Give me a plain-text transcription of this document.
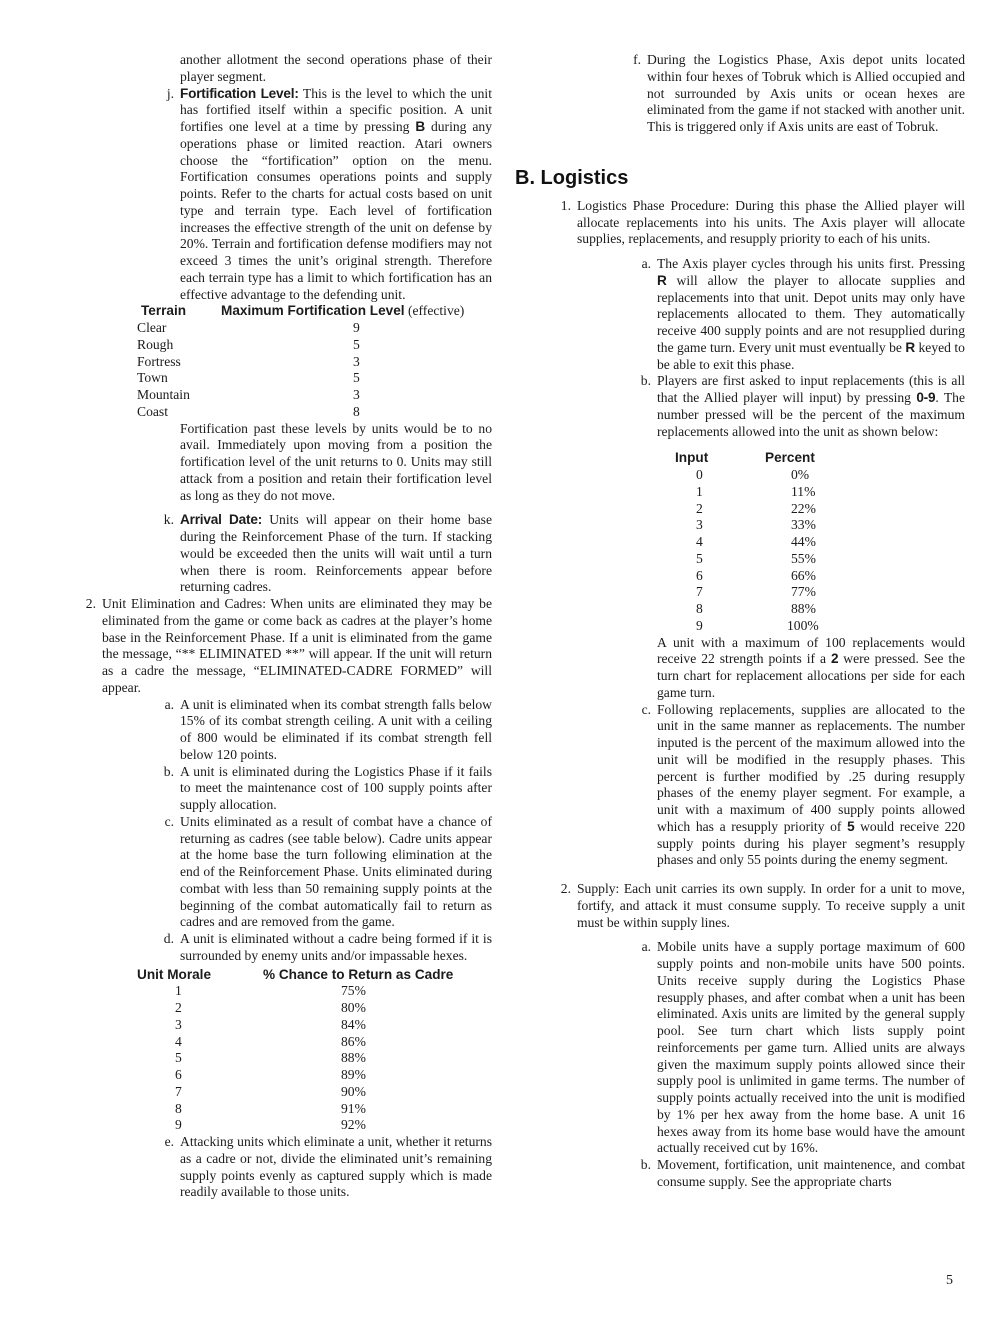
another allotment the second operations phase of their player segment.

j. Fortification Level: This is the level to which the unit has fortified itself within a specific position. A unit fortifies one level at a time by pressing B during any operations phase or limited reaction. Atari owners choose the “fortification” option on the menu. Fortification consumes operations points and supply points. Refer to the charts for actual costs based on unit type and terrain type. Each level of fortification increases the effective strength of the unit on defense by 20%. Terrain and fortification defense modifiers may not exceed 3 times the unit’s original strength. Therefore each terrain type has a limit to which fortification has an effective advantage to the defending unit.
Terrain	Maximum Fortification Level (effective)
Clear	9
Rough	5
Fortress	3
Town	5
Mountain	3
Coast	8

Fortification past these levels by units would be to no avail. Immediately upon moving from a position the fortification level of the unit returns to 0. Units may still attack from a position and retain their fortification level as long as they do not move.

k. Arrival Date: Units will appear on their home base during the Reinforcement Phase of the turn. If stacking would be exceeded then the units will wait until a turn when there is room. Reinforcements appear before returning cadres.
2. Unit Elimination and Cadres: When units are eliminated they may be eliminated from the game or come back as cadres at the player’s home base in the Reinforcement Phase. If a unit is eliminated from the game the message, “** ELIMINATED **” will appear. If the unit will return as a cadre the message, “ELIMINATED-CADRE FORMED” will appear.
a. A unit is eliminated when its combat strength falls below 15% of its combat strength ceiling. A unit with a ceiling of 800 would be eliminated if its combat strength fell below 120 points.
b. A unit is eliminated during the Logistics Phase if it fails to meet the maintenance cost of 100 supply points after supply allocation.
c. Units eliminated as a result of combat have a chance of returning as cadres (see table below). Cadre units appear at the home base the turn following elimination at the end of the Reinforcement Phase. Units eliminated during combat with less than 50 remaining supply points at the beginning of the combat automatically fail to return as cadres and are removed from the game.
d. A unit is eliminated without a cadre being formed if it is surrounded by enemy units and/or impassable hexes.
Unit Morale	% Chance to Return as Cadre
1	75%
2	80%
3	84%
4	86%
5	88%
6	89%
7	90%
8	91%
9	92%
e. Attacking units which eliminate a unit, whether it returns as a cadre or not, divide the eliminated unit’s remaining supply points evenly as captured supply which is made readily available to those units.
f. During the Logistics Phase, Axis depot units located within four hexes of Tobruk which is Allied occupied and not surrounded by Axis units or ocean hexes are eliminated from the game if not stacked with another unit. This is triggered only if Axis units are east of Tobruk.
B. Logistics
1. Logistics Phase Procedure: During this phase the Allied player will allocate replacements into his units. The Axis player will allocate supplies, replacements, and resupply priority to each of his units.
a. The Axis player cycles through his units first. Pressing R will allow the player to allocate supplies and replacements into that unit. Depot units may only have replacements allocated to them. They automatically receive 400 supply points and are not resupplied during the game turn. Every unit must eventually be R keyed to be able to exit this phase.
b. Players are first asked to input replacements (this is all that the Allied player will input) by pressing 0-9. The number pressed will be the percent of the maximum replacements allowed into the unit as shown below:
Input	Percent
0	0%
1	11%
2	22%
3	33%
4	44%
5	55%
6	66%
7	77%
8	88%
9	100%

A unit with a maximum of 100 replacements would receive 22 strength points if a 2 were pressed. See the turn chart for replacement allocations per side for each game turn.

c. Following replacements, supplies are allocated to the unit in the same manner as replacements. The number inputed is the percent of the maximum allowed into the unit will be modified in the resupply phases. This percent is further modified by .25 during resupply phases of the enemy player segment. For example, a unit with a maximum of 400 supply points allowed which has a resupply priority of 5 would receive 220 supply points during his player segment’s resupply phases and only 55 points during the enemy segment.
2. Supply: Each unit carries its own supply. In order for a unit to move, fortify, and attack it must consume supply. To receive supply a unit must be within supply lines.
a. Mobile units have a supply portage maximum of 600 supply points and non-mobile units have 500 points. Units receive supply during the Logistics Phase resupply phases, and after combat when a unit has been eliminated. Axis units are limited by the general supply pool. See turn chart which lists supply point reinforcements per game turn. Allied units are always given the maximum supply points allowed since their supply pool is unlimited in game terms. The number of supply points actually received into the unit is modified by 1% per hex away from the home base. A unit 16 hexes away from its home base would have the amount actually received cut by 16%.
b. Movement, fortification, unit maintenence, and combat consume supply. See the appropriate charts
5
